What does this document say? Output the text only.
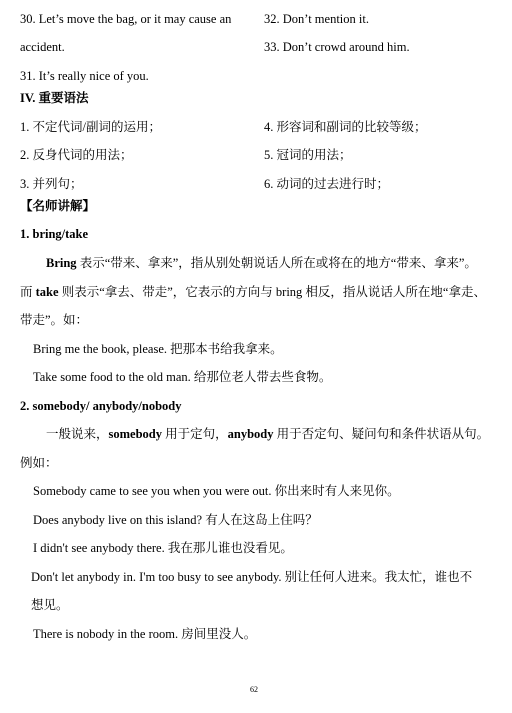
30. Let’s move the bag, or it may cause an	32. Don’t mention it.
accident.	33. Don’t crowd around him.
31. It’s really nice of you.
IV. 重要语法
1. 不定代词/副词的运用；	4. 形容词和副词的比较等级；
2. 反身代词的用法；	5. 冠词的用法；
3. 并列句；	6. 动词的过去进行时；
【名师讲解】
1. bring/take
Bring 表示“带来、拿来”，指从别处朝说话人所在或将在的地方“带来、拿来”。
而 take 则表示“拿去、带走”，它表示的方向与 bring 相反，指从说话人所在地“拿走、
带走”。如：
Bring me the book, please. 把那本书给我拿来。
Take some food to the old man. 给那位老人带去些食物。
2. somebody/ anybody/nobody
一般说来，somebody 用于定句，anybody 用于否定句、疑问句和条件状语从句。
例如：
Somebody came to see you when you were out. 你出来时有人来见你。
Does anybody live on this island? 有人在这岛上住吗？
I didn't see anybody there. 我在那儿谁也没看见。
Don't let anybody in. I'm too busy to see anybody. 别让任何人进来。我太忙，谁也不
想见。
There is nobody in the room. 房间里没人。
62
